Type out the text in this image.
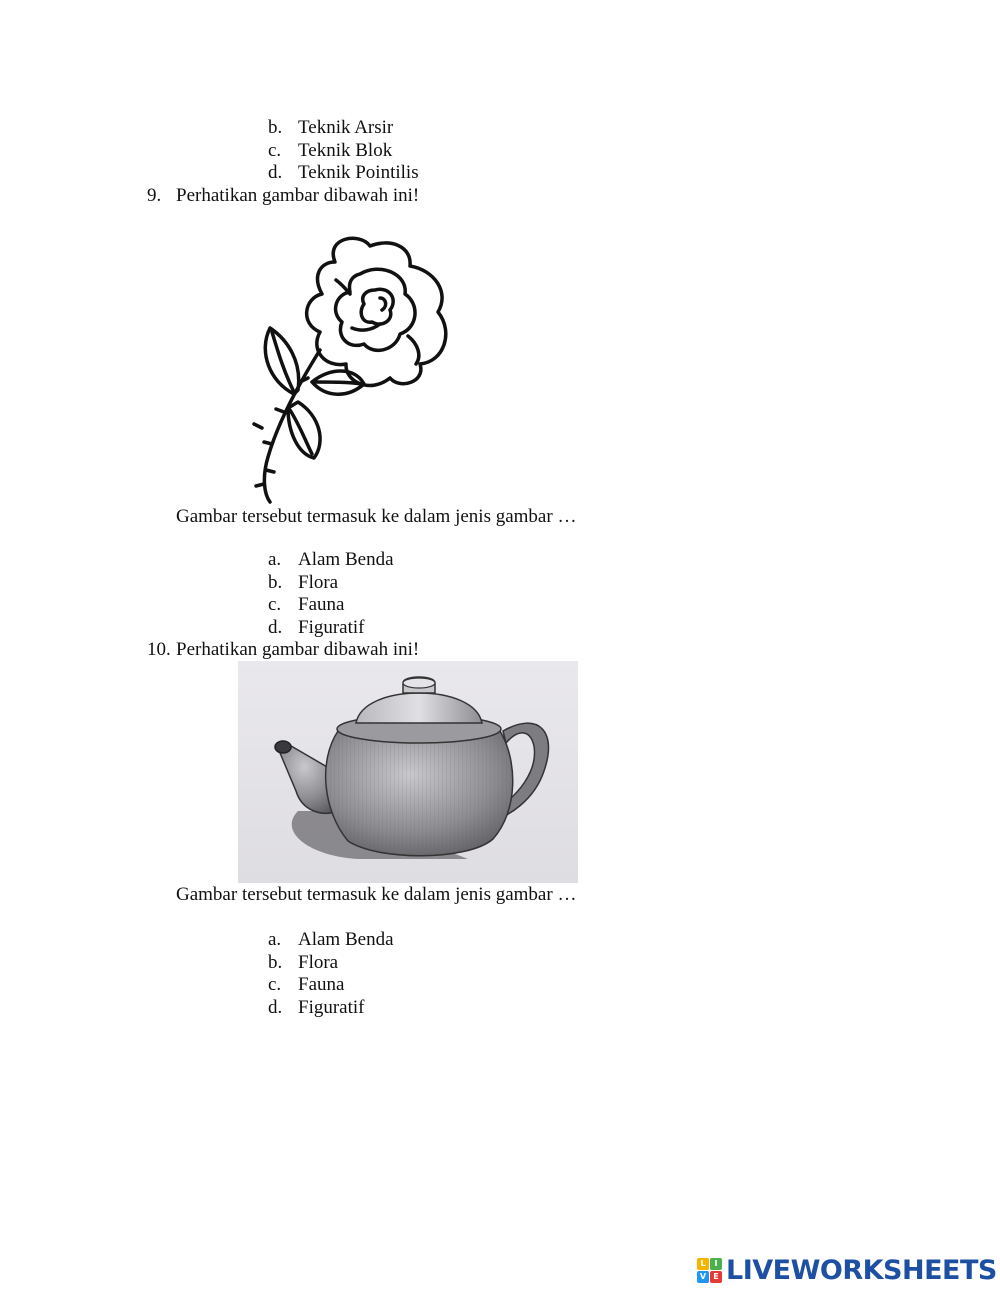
b. Teknik Arsir
c. Teknik Blok
d. Teknik Pointilis
9. Perhatikan gambar dibawah ini!
Gambar tersebut termasuk ke dalam jenis gambar …
a. Alam Benda
b. Flora
c. Fauna
d. Figuratif
10. Perhatikan gambar dibawah ini!
Gambar tersebut termasuk ke dalam jenis gambar …
a. Alam Benda
b. Flora
c. Fauna
d. Figuratif
L	I
V E LIVEWORKSHEETS
